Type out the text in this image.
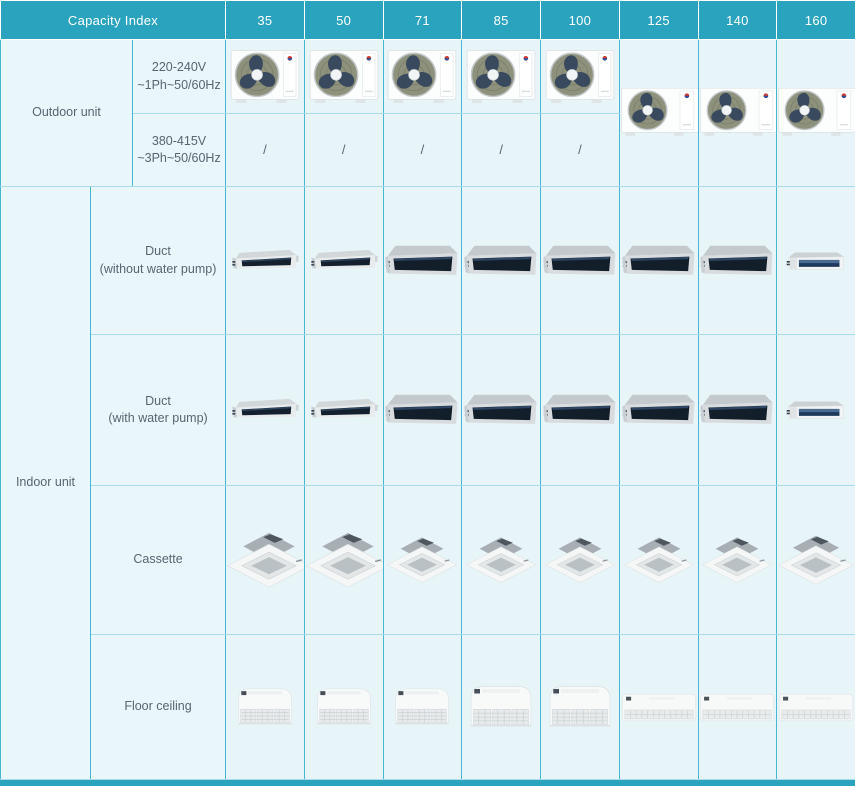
Capacity Index			35	50	71	85	100	125	140	160
Outdoor unit		220-240V
~1Ph~50/60Hz

		380-415V
~3Ph~50/60Hz	/	/	/	/	/			
Indoor unit	Duct
(without water pump)

	Duct
(with water pump)

	Cassette								
	Floor ceiling								
